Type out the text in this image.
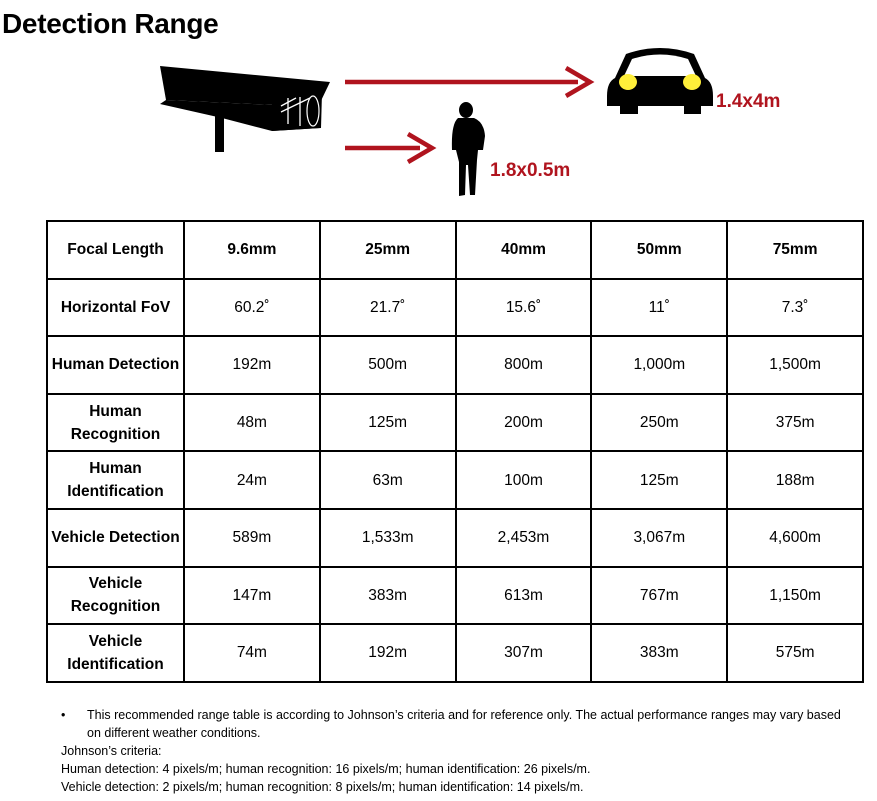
Detection Range
1.4x4m
1.8x0.5m
Focal Length	9.6mm	25mm	40mm	50mm	75mm
Horizontal FoV	60.2˚	21.7˚	15.6˚	11˚	7.3˚
Human Detection	192m	500m	800m	1,000m	1,500m
Human Recognition	48m	125m	200m	250m	375m
Human Identification	24m	63m	100m	125m	188m
Vehicle Detection	589m	1,533m	2,453m	3,067m	4,600m
Vehicle Recognition	147m	383m	613m	767m	1,150m
Vehicle Identification	74m	192m	307m	383m	575m
•	This recommended range table is according to Johnson’s criteria and for reference only. The actual performance ranges may vary based on different weather conditions.
Johnson’s criteria:
Human detection: 4 pixels/m; human recognition: 16 pixels/m; human identification: 26 pixels/m.
Vehicle detection: 2 pixels/m; human recognition: 8 pixels/m; human identification: 14 pixels/m.
